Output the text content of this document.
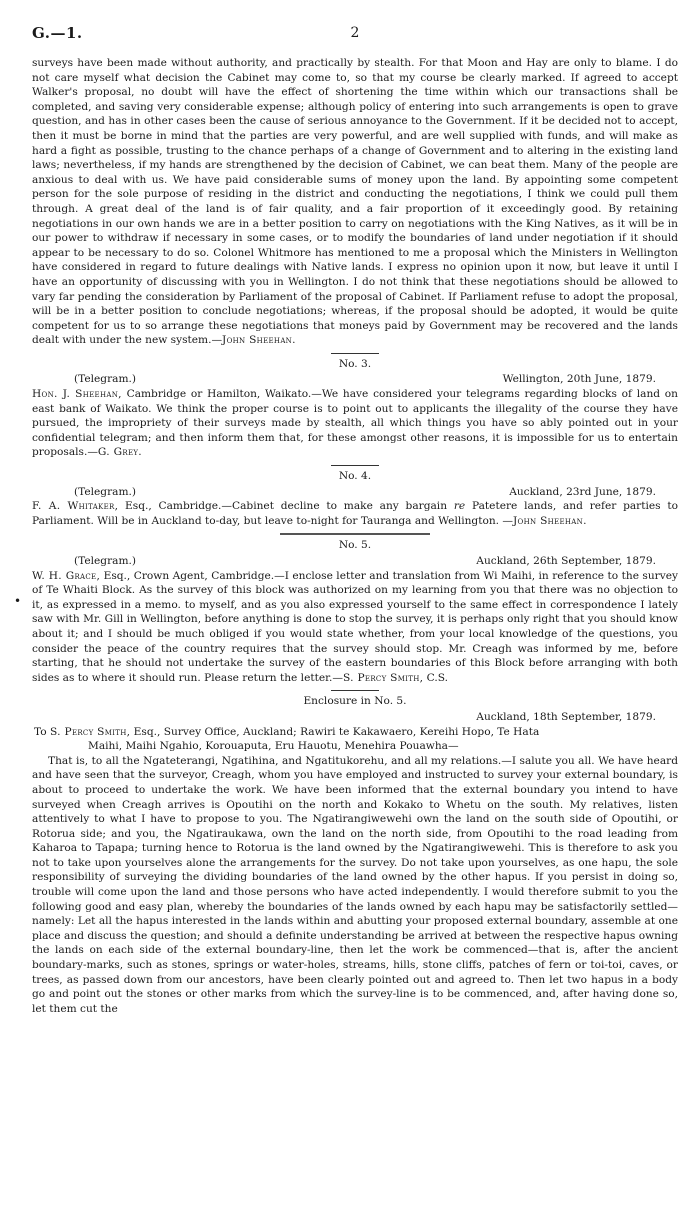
•
G.—1.	2

surveys have been made without authority, and practically by stealth. For that Moon and Hay are only to blame. I do not care myself what decision the Cabinet may come to, so that my course be clearly marked. If agreed to accept Walker's proposal, no doubt will have the effect of shortening the time within which our transactions shall be completed, and saving very considerable expense; although policy of entering into such arrangements is open to grave question, and has in other cases been the cause of serious annoyance to the Government. If it be decided not to accept, then it must be borne in mind that the parties are very powerful, and are well supplied with funds, and will make as hard a fight as possible, trusting to the chance perhaps of a change of Government and to altering in the existing land laws; nevertheless, if my hands are strengthened by the decision of Cabinet, we can beat them. Many of the people are anxious to deal with us. We have paid considerable sums of money upon the land. By appointing some competent person for the sole purpose of residing in the district and conducting the negotiations, I think we could pull them through. A great deal of the land is of fair quality, and a fair proportion of it exceedingly good. By retaining negotiations in our own hands we are in a better position to carry on negotiations with the King Natives, as it will be in our power to withdraw if necessary in some cases, or to modify the boundaries of land under negotiation if it should appear to be necessary to do so. Colonel Whitmore has mentioned to me a proposal which the Ministers in Wellington have considered in regard to future dealings with Native lands. I express no opinion upon it now, but leave it until I have an opportunity of discussing with you in Wellington. I do not think that these negotiations should be allowed to vary far pending the consideration by Parliament of the proposal of Cabinet. If Parliament refuse to adopt the proposal, will be in a better position to conclude negotiations; whereas, if the proposal should be adopted, it would be quite competent for us to so arrange these negotiations that moneys paid by Government may be recovered and the lands dealt with under the new system.—John Sheehan.

No. 3.
(Telegram.)	Wellington, 20th June, 1879.

Hon. J. Sheehan, Cambridge or Hamilton, Waikato.—We have considered your telegrams regarding blocks of land on east bank of Waikato. We think the proper course is to point out to applicants the illegality of the course they have pursued, the impropriety of their surveys made by stealth, all which things you have so ably pointed out in your confidential telegram; and then inform them that, for these amongst other reasons, it is impossible for us to entertain proposals.—G. Grey.

No. 4.
(Telegram.)	Auckland, 23rd June, 1879.

F. A. Whitaker, Esq., Cambridge.—Cabinet decline to make any bargain re Patetere lands, and refer parties to Parliament. Will be in Auckland to-day, but leave to-night for Tauranga and Wellington. —John Sheehan.

No. 5.
(Telegram.)	Auckland, 26th September, 1879.

W. H. Grace, Esq., Crown Agent, Cambridge.—I enclose letter and translation from Wi Maihi, in reference to the survey of Te Whaiti Block. As the survey of this block was authorized on my learning from you that there was no objection to it, as expressed in a memo. to myself, and as you also expressed yourself to the same effect in correspondence I lately saw with Mr. Gill in Wellington, before anything is done to stop the survey, it is perhaps only right that you should know about it; and I should be much obliged if you would state whether, from your local knowledge of the questions, you consider the peace of the country requires that the survey should stop. Mr. Creagh was informed by me, before starting, that he should not undertake the survey of the eastern boundaries of this Block before arranging with both sides as to where it should run. Please return the letter.—S. Percy Smith, C.S.

Enclosure in No. 5.
Auckland, 18th September, 1879.
To S. Percy Smith, Esq., Survey Office, Auckland; Rawiri te Kakawaero, Kereihi Hopo, Te Hata
Maihi, Maihi Ngahio, Korouaputa, Eru Hauotu, Menehira Pouawha—

That is, to all the Ngateterangi, Ngatihina, and Ngatitukorehu, and all my relations.—I salute you all. We have heard and have seen that the surveyor, Creagh, whom you have employed and instructed to survey your external boundary, is about to proceed to undertake the work. We have been informed that the external boundary you intend to have surveyed when Creagh arrives is Opoutihi on the north and Kokako to Whetu on the south. My relatives, listen attentively to what I have to propose to you. The Ngatirangiwewehi own the land on the south side of Opoutihi, or Rotorua side; and you, the Ngatiraukawa, own the land on the north side, from Opoutihi to the road leading from Kaharoa to Tapapa; turning hence to Rotorua is the land owned by the Ngatirangiwewehi. This is therefore to ask you not to take upon yourselves alone the arrangements for the survey. Do not take upon yourselves, as one hapu, the sole responsibility of surveying the dividing boundaries of the land owned by the other hapus. If you persist in doing so, trouble will come upon the land and those persons who have acted independently. I would therefore submit to you the following good and easy plan, whereby the boundaries of the lands owned by each hapu may be satisfactorily settled—namely: Let all the hapus interested in the lands within and abutting your proposed external boundary, assemble at one place and discuss the question; and should a definite understanding be arrived at between the respective hapus owning the lands on each side of the external boundary-line, then let the work be commenced—that is, after the ancient boundary-marks, such as stones, springs or water-holes, streams, hills, stone cliffs, patches of fern or toi-toi, caves, or trees, as passed down from our ancestors, have been clearly pointed out and agreed to. Then let two hapus in a body go and point out the stones or other marks from which the survey-line is to be commenced, and, after having done so, let them cut the
